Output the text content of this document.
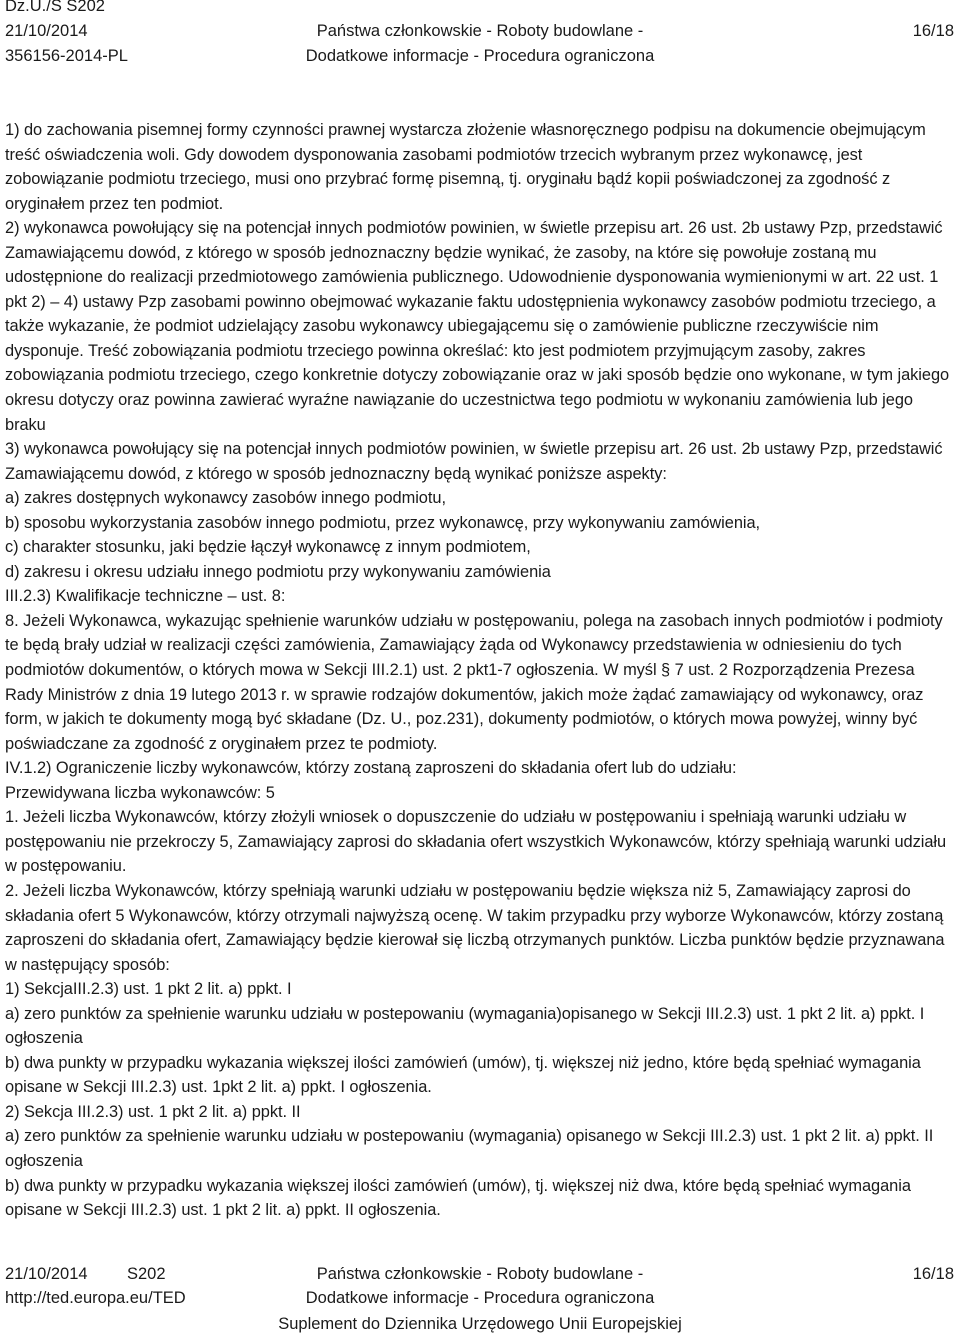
Dz.U./S S202
21/10/2014
356156-2014-PL
Państwa członkowskie - Roboty budowlane -
Dodatkowe informacje - Procedura ograniczona
16/18

1) do zachowania pisemnej formy czynności prawnej wystarcza złożenie własnoręcznego podpisu na dokumencie obejmującym treść oświadczenia woli. Gdy dowodem dysponowania zasobami podmiotów trzecich wybranym przez wykonawcę, jest zobowiązanie podmiotu trzeciego, musi ono przybrać formę pisemną, tj. oryginału bądź kopii poświadczonej za zgodność z oryginałem przez ten podmiot.

2) wykonawca powołujący się na potencjał innych podmiotów powinien, w świetle przepisu art. 26 ust. 2b ustawy Pzp, przedstawić Zamawiającemu dowód, z którego w sposób jednoznaczny będzie wynikać, że zasoby, na które się powołuje zostaną mu udostępnione do realizacji przedmiotowego zamówienia publicznego. Udowodnienie dysponowania wymienionymi w art. 22 ust. 1 pkt 2) – 4) ustawy Pzp zasobami powinno obejmować wykazanie faktu udostępnienia wykonawcy zasobów podmiotu trzeciego, a także wykazanie, że podmiot udzielający zasobu wykonawcy ubiegającemu się o zamówienie publiczne rzeczywiście nim dysponuje. Treść zobowiązania podmiotu trzeciego powinna określać: kto jest podmiotem przyjmującym zasoby, zakres zobowiązania podmiotu trzeciego, czego konkretnie dotyczy zobowiązanie oraz w jaki sposób będzie ono wykonane, w tym jakiego okresu dotyczy oraz powinna zawierać wyraźne nawiązanie do uczestnictwa tego podmiotu w wykonaniu zamówienia lub jego braku

3) wykonawca powołujący się na potencjał innych podmiotów powinien, w świetle przepisu art. 26 ust. 2b ustawy Pzp, przedstawić Zamawiającemu dowód, z którego w sposób jednoznaczny będą wynikać poniższe aspekty:

a) zakres dostępnych wykonawcy zasobów innego podmiotu,

b) sposobu wykorzystania zasobów innego podmiotu, przez wykonawcę, przy wykonywaniu zamówienia,

c) charakter stosunku, jaki będzie łączył wykonawcę z innym podmiotem,

d) zakresu i okresu udziału innego podmiotu przy wykonywaniu zamówienia

III.2.3) Kwalifikacje techniczne – ust. 8:

8. Jeżeli Wykonawca, wykazując spełnienie warunków udziału w postępowaniu, polega na zasobach innych podmiotów i podmioty te będą brały udział w realizacji części zamówienia, Zamawiający żąda od Wykonawcy przedstawienia w odniesieniu do tych podmiotów dokumentów, o których mowa w Sekcji III.2.1) ust. 2 pkt1-7 ogłoszenia. W myśl § 7 ust. 2 Rozporządzenia Prezesa Rady Ministrów z dnia 19 lutego 2013 r. w sprawie rodzajów dokumentów, jakich może żądać zamawiający od wykonawcy, oraz form, w jakich te dokumenty mogą być składane (Dz. U., poz.231), dokumenty podmiotów, o których mowa powyżej, winny być poświadczane za zgodność z oryginałem przez te podmioty.

IV.1.2) Ograniczenie liczby wykonawców, którzy zostaną zaproszeni do składania ofert lub do udziału:

Przewidywana liczba wykonawców: 5

1. Jeżeli liczba Wykonawców, którzy złożyli wniosek o dopuszczenie do udziału w postępowaniu i spełniają warunki udziału w postępowaniu nie przekroczy 5, Zamawiający zaprosi do składania ofert wszystkich Wykonawców, którzy spełniają warunki udziału w postępowaniu.

2. Jeżeli liczba Wykonawców, którzy spełniają warunki udziału w postępowaniu będzie większa niż 5, Zamawiający zaprosi do składania ofert 5 Wykonawców, którzy otrzymali najwyższą ocenę. W takim przypadku przy wyborze Wykonawców, którzy zostaną zaproszeni do składania ofert, Zamawiający będzie kierował się liczbą otrzymanych punktów. Liczba punktów będzie przyznawana w następujący sposób:

1) SekcjaIII.2.3) ust. 1 pkt 2 lit. a) ppkt. I

a) zero punktów za spełnienie warunku udziału w postepowaniu (wymagania)opisanego w Sekcji III.2.3) ust. 1 pkt 2 lit. a) ppkt. I ogłoszenia

b) dwa punkty w przypadku wykazania większej ilości zamówień (umów), tj. większej niż jedno, które będą spełniać wymagania opisane w Sekcji III.2.3) ust. 1pkt 2 lit. a) ppkt. I ogłoszenia.

2) Sekcja III.2.3) ust. 1 pkt 2 lit. a) ppkt. II

a) zero punktów za spełnienie warunku udziału w postepowaniu (wymagania) opisanego w Sekcji III.2.3) ust. 1 pkt 2 lit. a) ppkt. II ogłoszenia

b) dwa punkty w przypadku wykazania większej ilości zamówień (umów), tj. większej niż dwa, które będą spełniać wymagania opisane w Sekcji III.2.3) ust. 1 pkt 2 lit. a) ppkt. II ogłoszenia.

21/10/2014 S202
http://ted.europa.eu/TED
Państwa członkowskie - Roboty budowlane -
Dodatkowe informacje - Procedura ograniczona
Suplement do Dziennika Urzędowego Unii Europejskiej
16/18
